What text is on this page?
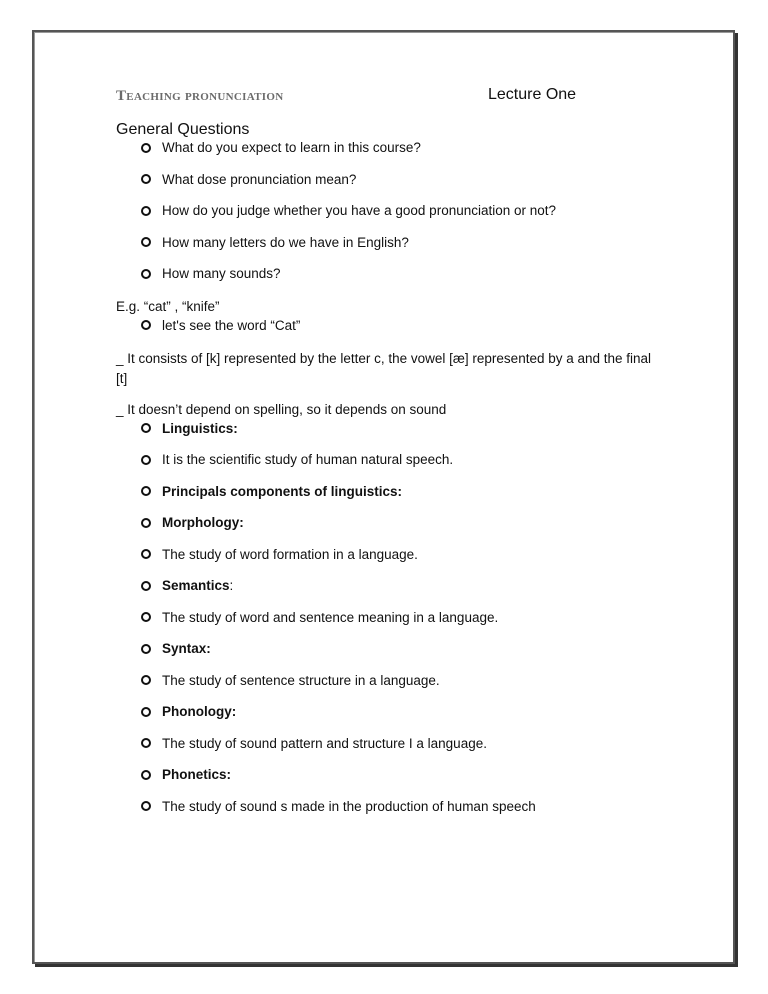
Teaching pronunciation	Lecture One
General Questions
What do you expect to learn in this course?
What dose pronunciation mean?
How do you judge whether you have a good pronunciation or not?
How many letters do we have in English?
How many sounds?
E.g. “cat” , “knife”
let's see the word “Cat”
_ It consists of [k] represented by the letter c, the vowel [æ] represented by a and the final [t]
_ It doesn’t depend on spelling, so it depends on sound
Linguistics:
It is the scientific study of human natural speech.
Principals components of linguistics:
Morphology:
The study of word formation in a language.
Semantics:
The study of word and sentence meaning in a language.
Syntax:
The study of sentence structure in a language.
Phonology:
The study of sound pattern and structure I a language.
Phonetics:
The study of sound s made in the production of human speech
